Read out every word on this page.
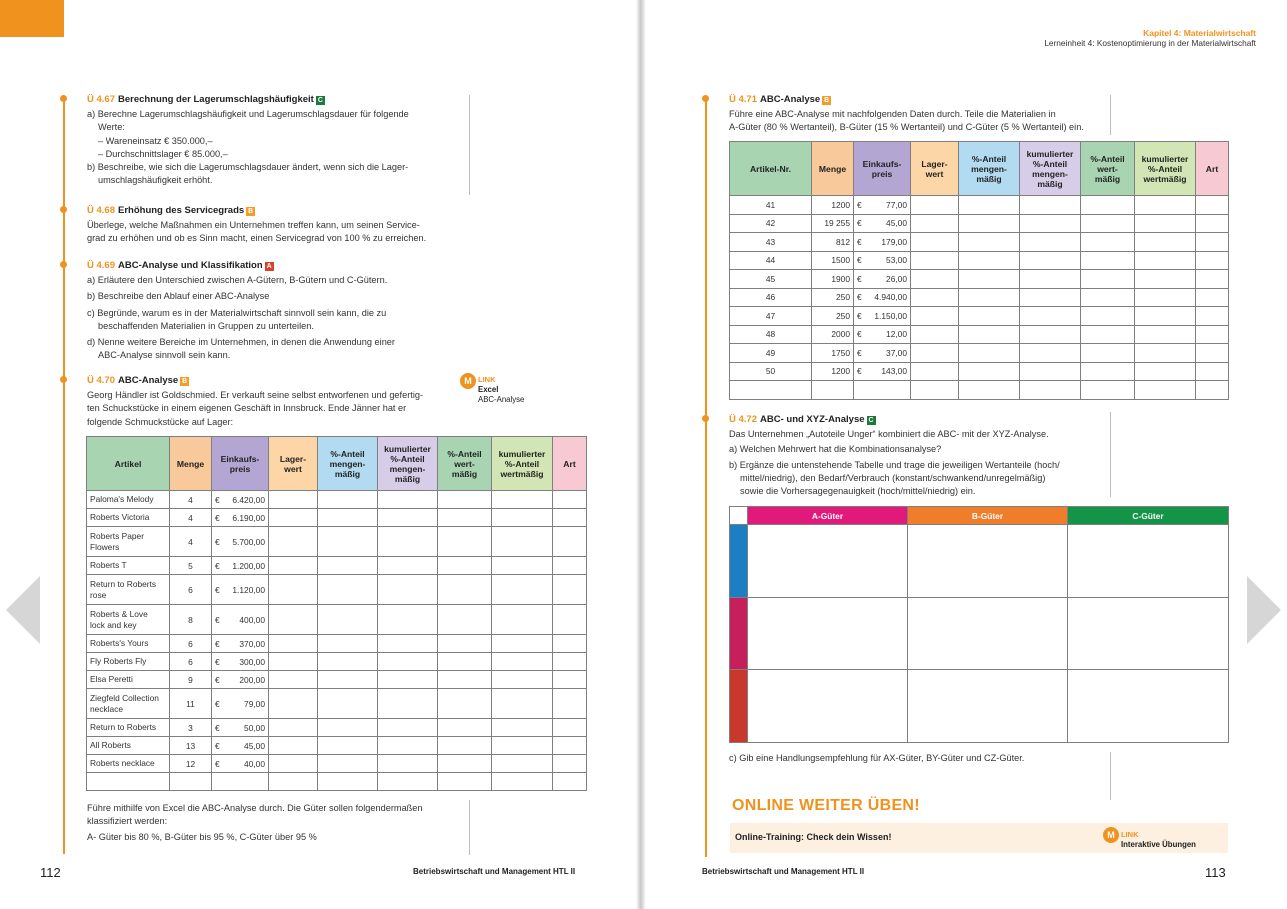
Ü 4.67 Berechnung der Lagerumschlagshäufigkeit C

a) Berechne Lagerumschlagshäufigkeit und Lagerumschlagsdauer für folgende

Werte:

– Wareneinsatz € 350.000,–

– Durchschnittslager € 85.000,–

b) Beschreibe, wie sich die Lagerumschlagsdauer ändert, wenn sich die Lager-

umschlagshäufigkeit erhöht.

Ü 4.68 Erhöhung des Servicegrads B

Überlege, welche Maßnahmen ein Unternehmen treffen kann, um seinen Service-

grad zu erhöhen und ob es Sinn macht, einen Servicegrad von 100 % zu erreichen.

Ü 4.69 ABC-Analyse und Klassifikation A

a) Erläutere den Unterschied zwischen A-Gütern, B-Gütern und C-Gütern.

b) Beschreibe den Ablauf einer ABC-Analyse

c) Begründe, warum es in der Materialwirtschaft sinnvoll sein kann, die zu

beschaffenden Materialien in Gruppen zu unterteilen.

d) Nenne weitere Bereiche im Unternehmen, in denen die Anwendung einer

ABC-Analyse sinnvoll sein kann.

Ü 4.70 ABC-Analyse B

Georg Händler ist Goldschmied. Er verkauft seine selbst entworfenen und gefertig-

ten Schuckstücke in einem eigenen Geschäft in Innsbruck. Ende Jänner hat er

folgende Schmuckstücke auf Lager:

M LINK
Excel
ABC-Analyse
Artikel	Menge	Einkaufs-
preis	Lager-
wert	%-Anteil
mengen-
mäßig	kumulierter
%-Anteil
mengen-
mäßig	%-Anteil
wert-
mäßig	kumulierter
%-Anteil
wertmäßig	Art
Paloma's Melody	4	€ 6.420,00						

Roberts Victoria	4	€ 6.190,00						

Roberts Paper
Flowers	4	€ 5.700,00						

Roberts T	5	€ 1.200,00						

Return to Roberts
rose	6	€ 1.120,00						

Roberts & Love
lock and key	8	€ 400,00						

Roberts's Yours	6	€ 370,00						

Fly Roberts Fly	6	€ 300,00						

Elsa Peretti	9	€ 200,00						

Ziegfeld Collection
necklace	11	€ 79,00						

Return to Roberts	3	€ 50,00						

All Roberts	13	€ 45,00						

Roberts necklace	12	€ 40,00						

Führe mithilfe von Excel die ABC-Analyse durch. Die Güter sollen folgendermaßen

klassifiziert werden:

A- Güter bis 80 %, B-Güter bis 95 %, C-Güter über 95 %

112	Betriebswirtschaft und Management HTL II
Kapitel 4: Materialwirtschaft
Lerneinheit 4: Kostenoptimierung in der Materialwirtschaft
Ü 4.71 ABC-Analyse B

Führe eine ABC-Analyse mit nachfolgenden Daten durch. Teile die Materialien in

A-Güter (80 % Wertanteil), B-Güter (15 % Wertanteil) und C-Güter (5 % Wertanteil) ein.

Artikel-Nr.	Menge	Einkaufs-
preis	Lager-
wert	%-Anteil
mengen-
mäßig	kumulierter
%-Anteil
mengen-
mäßig	%-Anteil
wert-
mäßig	kumulierter
%-Anteil
wertmäßig	Art
41	1200	€ 77,00						

42	19 255	€ 45,00						

43	812	€ 179,00						

44	1500	€ 53,00						

45	1900	€ 26,00						

46	250	€ 4.940,00						

47	250	€ 1.150,00						

48	2000	€ 12,00						

49	1750	€ 37,00						

50	1200	€ 143,00						

Ü 4.72 ABC- und XYZ-Analyse C

Das Unternehmen „Autoteile Unger“ kombiniert die ABC- mit der XYZ-Analyse.

a) Welchen Mehrwert hat die Kombinationsanalyse?

b) Ergänze die untenstehende Tabelle und trage die jeweiligen Wertanteile (hoch/

mittel/niedrig), den Bedarf/Verbrauch (konstant/schwankend/unregelmäßig)

sowie die Vorhersagegenauigkeit (hoch/mittel/niedrig) ein.

	A-Güter	B-Güter	C-Güter

c) Gib eine Handlungsempfehlung für AX-Güter, BY-Güter und CZ-Güter.
ONLINE WEITER ÜBEN!
Online-Training: Check dein Wissen!	M LINK
Interaktive Übungen
Betriebswirtschaft und Management HTL II	113
